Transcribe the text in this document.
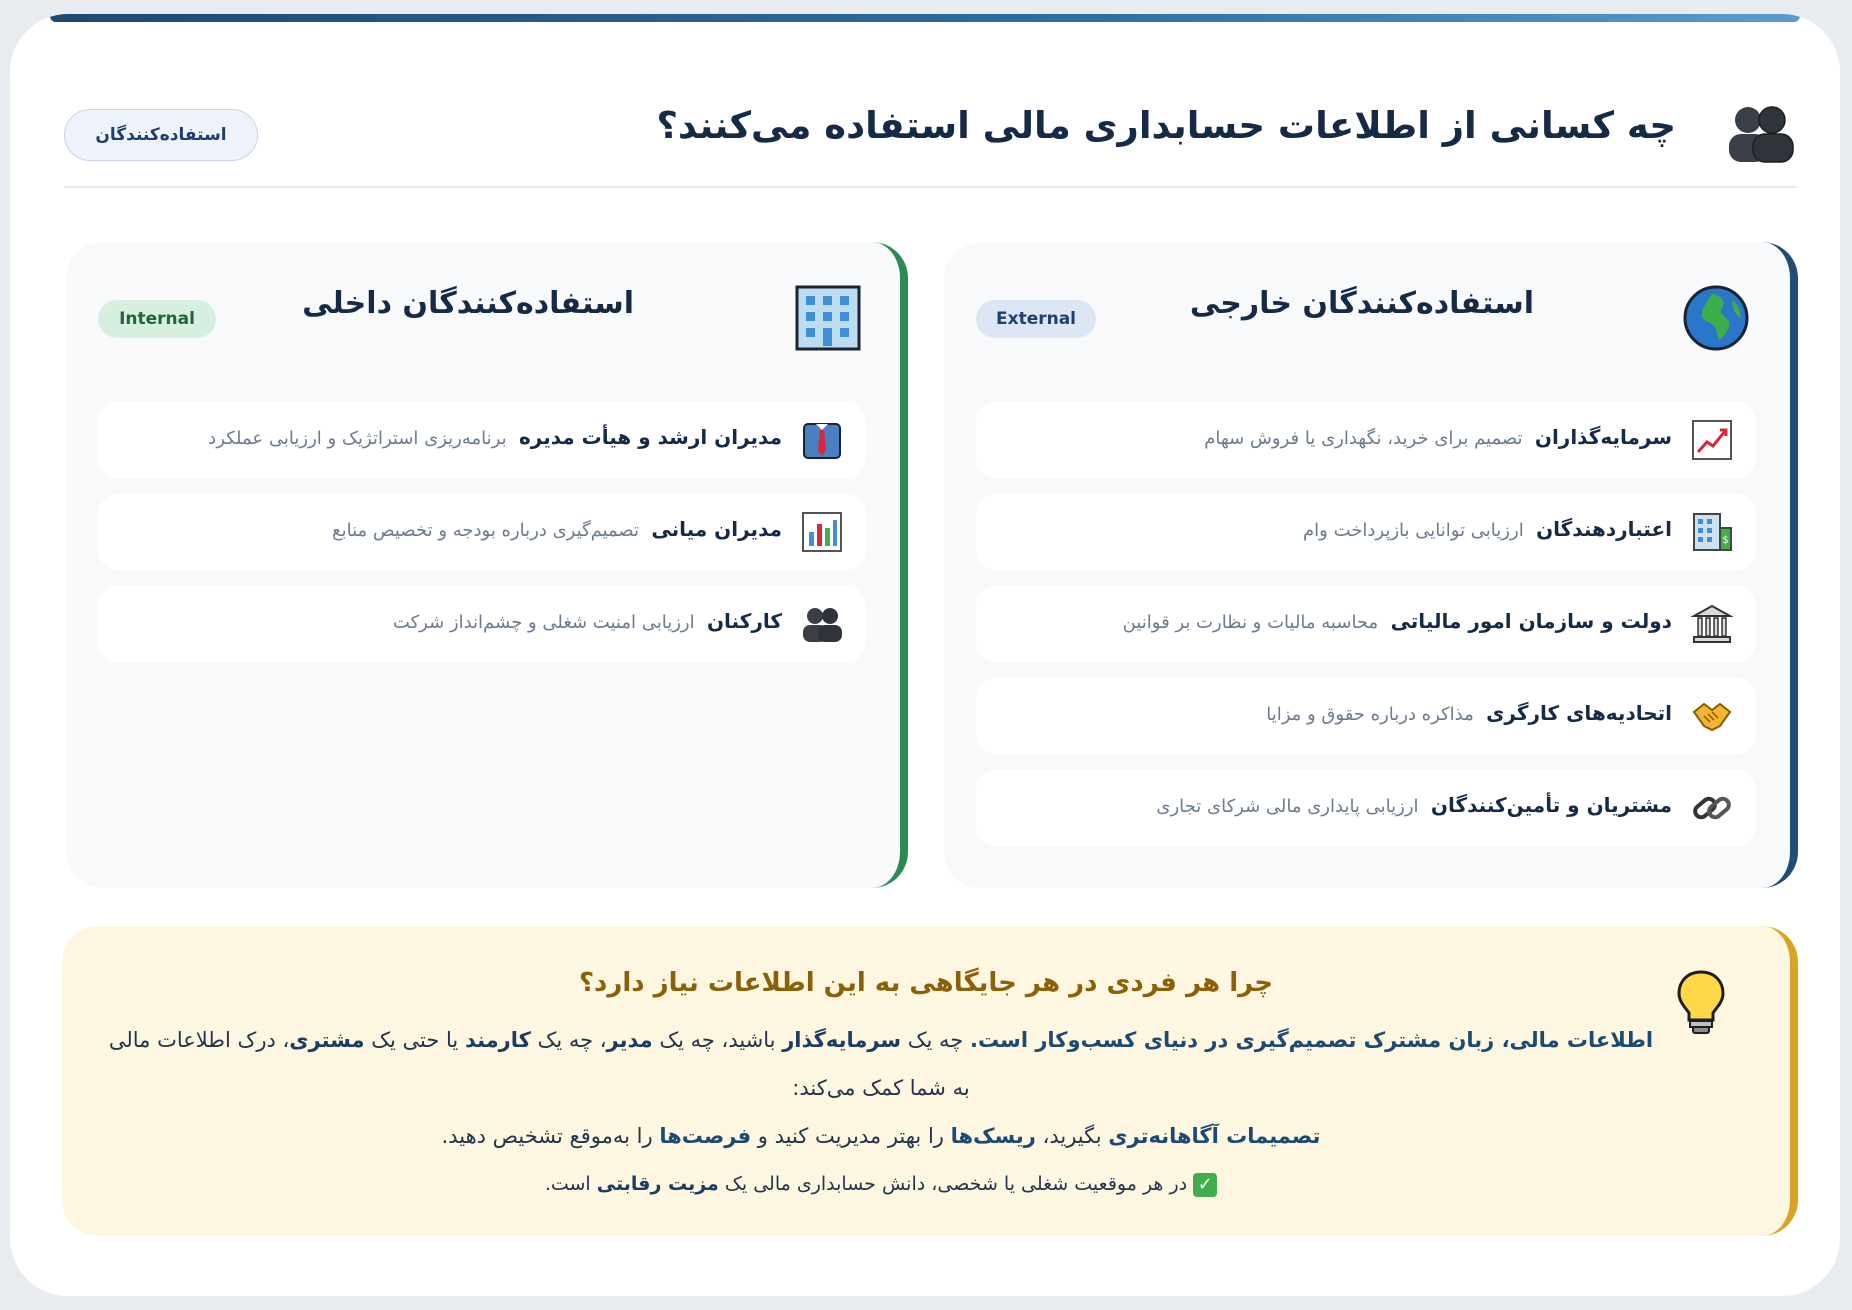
چه کسانی از اطلاعات حسابداری مالی استفاده می‌کنند؟
استفاده‌کنندگان
استفاده‌کنندگان خارجی
External
سرمایه‌گذاران تصمیم برای خرید، نگهداری یا فروش سهام
$
اعتباردهندگان ارزیابی توانایی بازپرداخت وام
دولت و سازمان امور مالیاتی محاسبه مالیات و نظارت بر قوانین
اتحادیه‌های کارگری مذاکره درباره حقوق و مزایا
مشتریان و تأمین‌کنندگان ارزیابی پایداری مالی شرکای تجاری
استفاده‌کنندگان داخلی
Internal
مدیران ارشد و هیأت مدیره برنامه‌ریزی استراتژیک و ارزیابی عملکرد
مدیران میانی تصمیم‌گیری درباره بودجه و تخصیص منابع
کارکنان ارزیابی امنیت شغلی و چشم‌انداز شرکت
چرا هر فردی در هر جایگاهی به این اطلاعات نیاز دارد؟
اطلاعات مالی، زبان مشترک تصمیم‌گیری در دنیای کسب‌وکار است. چه یک سرمایه‌گذار باشید، چه یک مدیر، چه یک کارمند یا حتی یک مشتری، درک اطلاعات مالی به شما کمک می‌کند:
تصمیمات آگاهانه‌تری بگیرید، ریسک‌ها را بهتر مدیریت کنید و فرصت‌ها را به‌موقع تشخیص دهید.
✓ در هر موقعیت شغلی یا شخصی، دانش حسابداری مالی یک مزیت رقابتی است.
